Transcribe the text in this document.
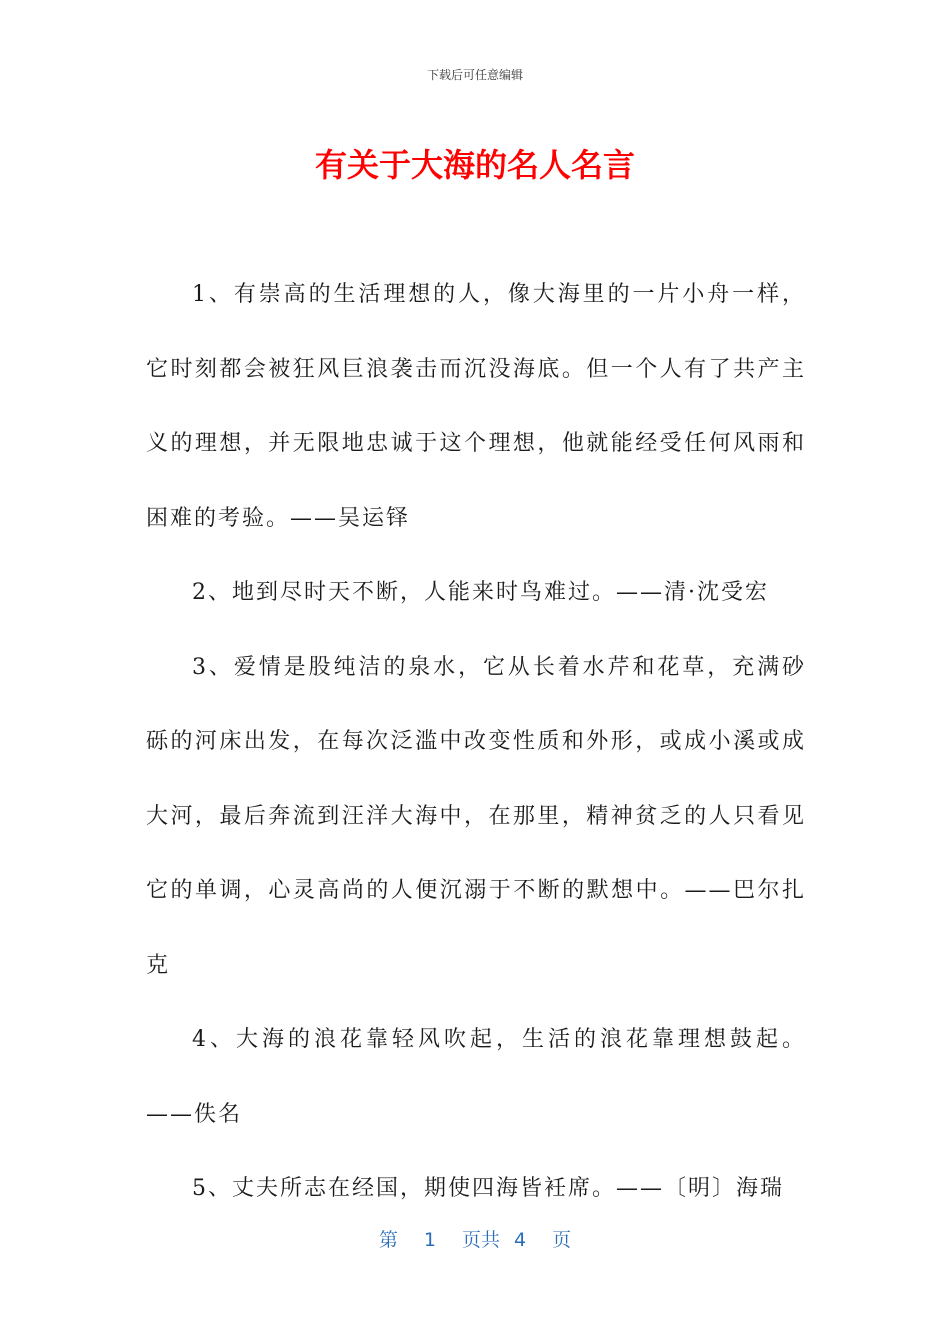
下载后可任意编辑
有关于大海的名人名言

1、有崇高的生活理想的人，像大海里的一片小舟一样，它时刻都会被狂风巨浪袭击而沉没海底。但一个人有了共产主义的理想，并无限地忠诚于这个理想，他就能经受任何风雨和困难的考验。——吴运铎

2、地到尽时天不断，人能来时鸟难过。——清·沈受宏

3、爱情是股纯洁的泉水，它从长着水芹和花草，充满砂砾的河床出发，在每次泛滥中改变性质和外形，或成小溪或成大河，最后奔流到汪洋大海中，在那里，精神贫乏的人只看见它的单调，心灵高尚的人便沉溺于不断的默想中。——巴尔扎克

4、大海的浪花靠轻风吹起，生活的浪花靠理想鼓起。——佚名

5、丈夫所志在经国，期使四海皆衽席。——〔明〕海瑞

第 1 页共 4 页
